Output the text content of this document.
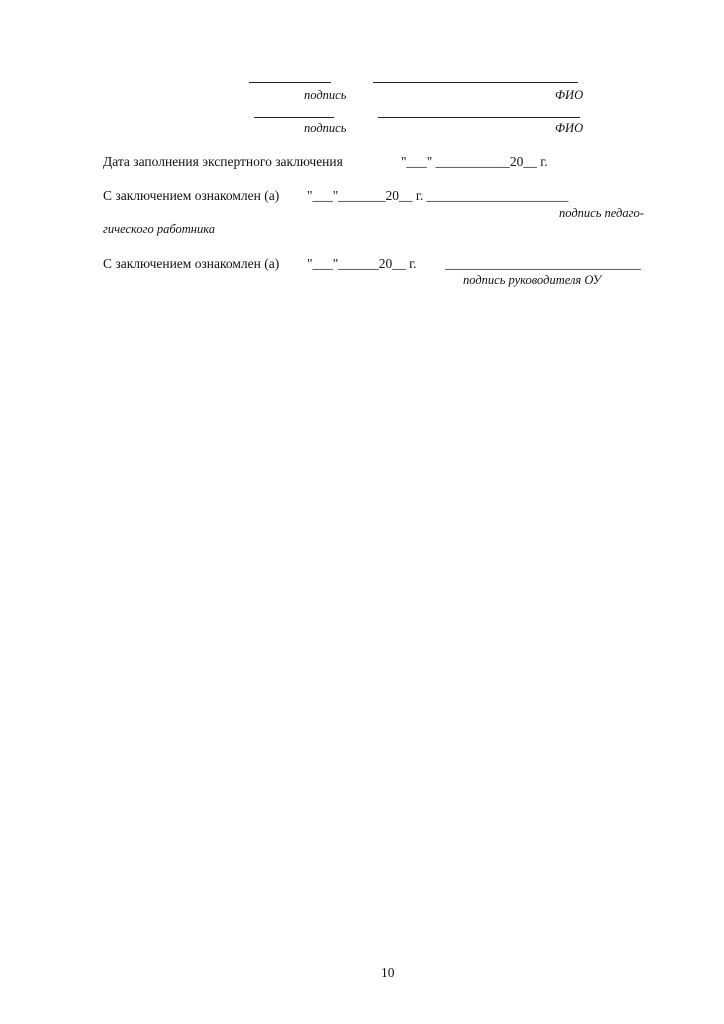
подпись	ФИО
подпись	ФИО
Дата заполнения экспертного заключения	"___" ___________20__ г.
С заключением ознакомлен (а) "___"_______20__ г. _____________________
подпись педаго-
гического работника
С заключением ознакомлен (а) "___"______20__ г. _____________________________
подпись руководителя ОУ
10
